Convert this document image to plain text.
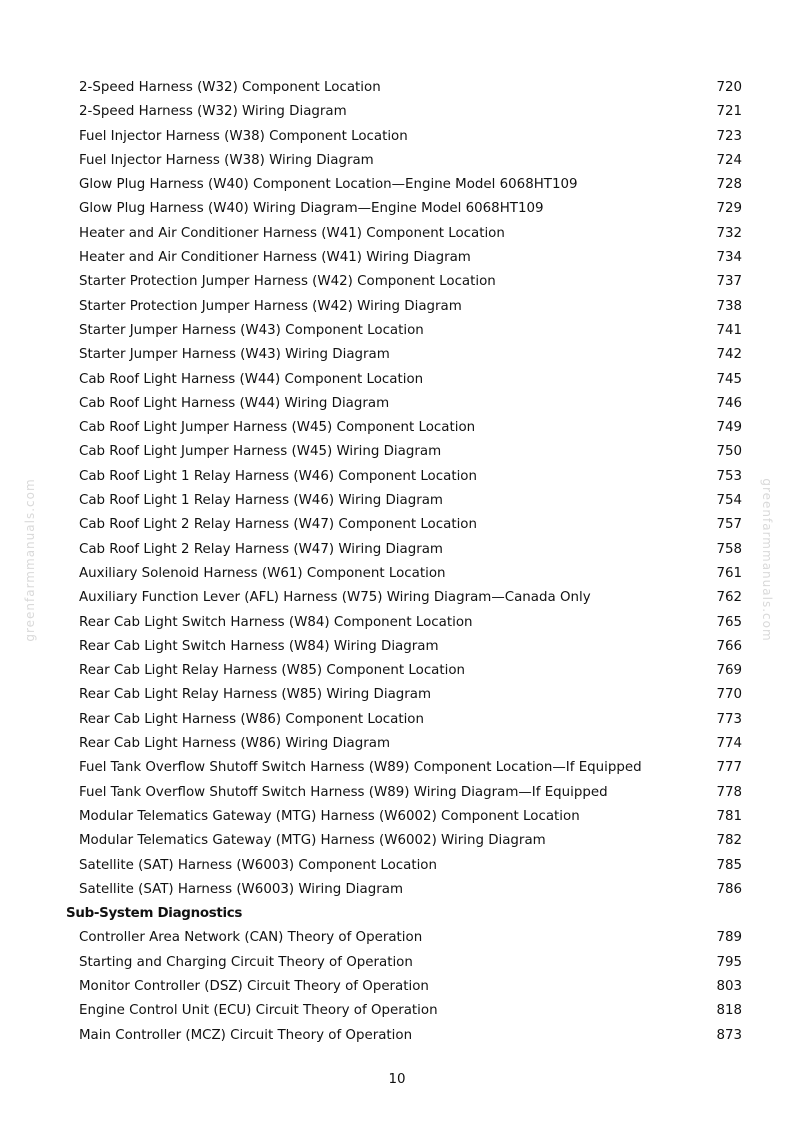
2-Speed Harness (W32) Component Location	720
2-Speed Harness (W32) Wiring Diagram	721
Fuel Injector Harness (W38) Component Location	723
Fuel Injector Harness (W38) Wiring Diagram	724
Glow Plug Harness (W40) Component Location—Engine Model 6068HT109	728
Glow Plug Harness (W40) Wiring Diagram—Engine Model 6068HT109	729
Heater and Air Conditioner Harness (W41) Component Location	732
Heater and Air Conditioner Harness (W41) Wiring Diagram	734
Starter Protection Jumper Harness (W42) Component Location	737
Starter Protection Jumper Harness (W42) Wiring Diagram	738
Starter Jumper Harness (W43) Component Location	741
Starter Jumper Harness (W43) Wiring Diagram	742
Cab Roof Light Harness (W44) Component Location	745
Cab Roof Light Harness (W44) Wiring Diagram	746
Cab Roof Light Jumper Harness (W45) Component Location	749
Cab Roof Light Jumper Harness (W45) Wiring Diagram	750
Cab Roof Light 1 Relay Harness (W46) Component Location	753
Cab Roof Light 1 Relay Harness (W46) Wiring Diagram	754
Cab Roof Light 2 Relay Harness (W47) Component Location	757
Cab Roof Light 2 Relay Harness (W47) Wiring Diagram	758
Auxiliary Solenoid Harness (W61) Component Location	761
Auxiliary Function Lever (AFL) Harness (W75) Wiring Diagram—Canada Only	762
Rear Cab Light Switch Harness (W84) Component Location	765
Rear Cab Light Switch Harness (W84) Wiring Diagram	766
Rear Cab Light Relay Harness (W85) Component Location	769
Rear Cab Light Relay Harness (W85) Wiring Diagram	770
Rear Cab Light Harness (W86) Component Location	773
Rear Cab Light Harness (W86) Wiring Diagram	774
Fuel Tank Overflow Shutoff Switch Harness (W89) Component Location—If Equipped	777
Fuel Tank Overflow Shutoff Switch Harness (W89) Wiring Diagram—If Equipped	778
Modular Telematics Gateway (MTG) Harness (W6002) Component Location	781
Modular Telematics Gateway (MTG) Harness (W6002) Wiring Diagram	782
Satellite (SAT) Harness (W6003) Component Location	785
Satellite (SAT) Harness (W6003) Wiring Diagram	786
Sub-System Diagnostics
Controller Area Network (CAN) Theory of Operation	789
Starting and Charging Circuit Theory of Operation	795
Monitor Controller (DSZ) Circuit Theory of Operation	803
Engine Control Unit (ECU) Circuit Theory of Operation	818
Main Controller (MCZ) Circuit Theory of Operation	873
10
greenfarmmanuals.com	greenfarmmanuals.com
